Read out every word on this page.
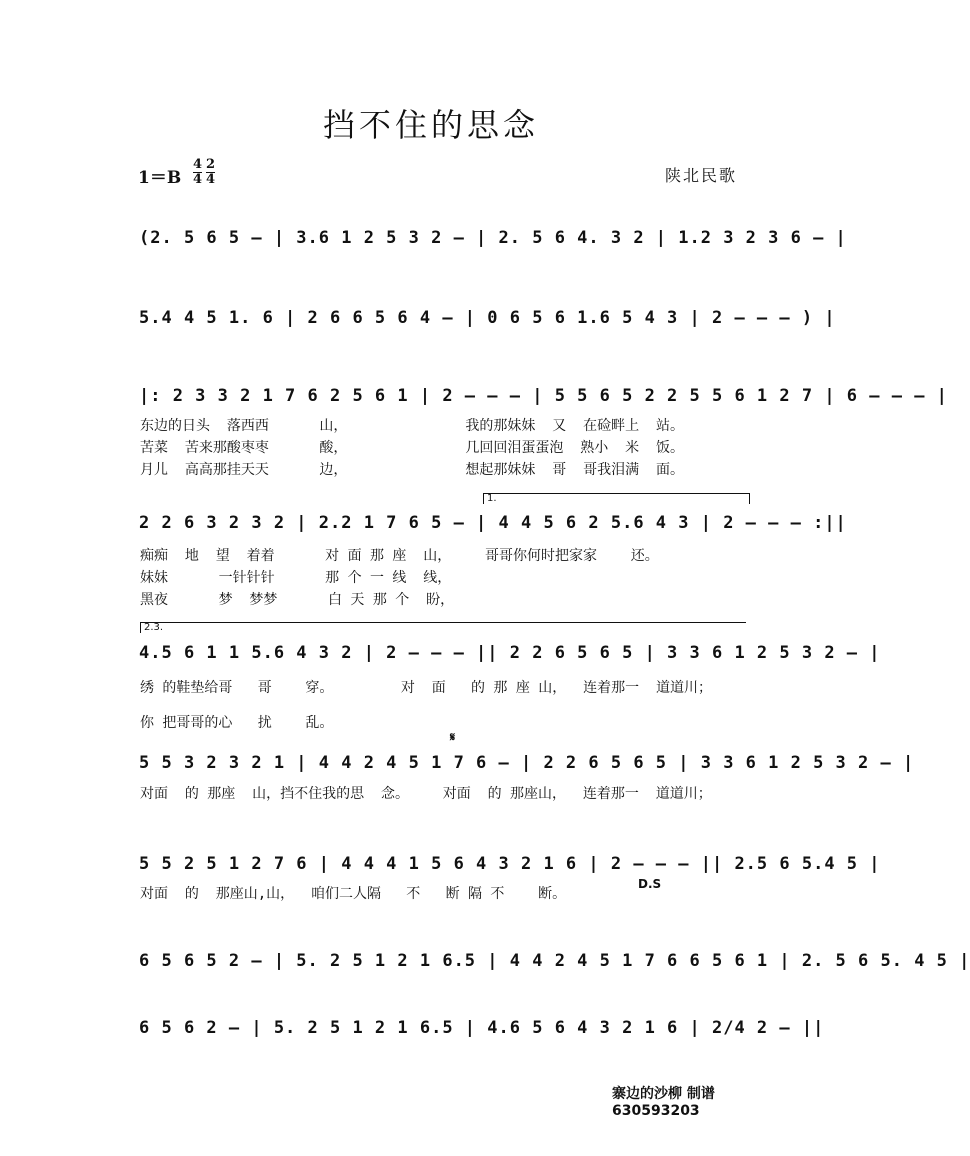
挡不住的思念
$1=B \frac{4}{4} \frac{2}{4}$	陕北民歌
(2. 5 6 5 – | 3.6 1 2 5 3 2 – | 2. 5 6 4. 3 2 | 1.2 3 2 3 6 – |
5.4 4 5 1. 6 | 2 6 6 5 6 4 – | 0 6 5 6 1.6 5 4 3 | 2 – – – ) |
|: 2 3 3 2 1 7 6 2 5 6 1 | 2 – – – | 5 5 6 5 2 2 5 5 6 1 2 7 | 6 – – – |
东边的日头  落西西      山，              我的那妹妹  又  在硷畔上  站。
苦菜  苦来那酸枣枣      酸，              几回回泪蛋蛋泡  熟小  米  饭。
月儿  高高那挂天天      边，              想起那妹妹  哥  哥我泪满  面。
1.
2 2 6 3 2 3 2 | 2.2 1 7 6 5 – | 4 4 5 6 2 5.6 4 3 | 2 – – – :||
痴痴  地  望  着着      对 面 那 座  山，    哥哥你何时把家家    还。
妹妹      一针针针      那 个 一 线  线，
黑夜      梦  梦梦      白 天 那 个  盼，
2.3.
4.5 6 1 1 5.6 4 3 2 | 2 – – – || 2 2 6 5 6 5 | 3 3 6 1 2 5 3 2 – |
绣 的鞋垫给哥   哥    穿。        对  面   的 那 座 山，  连着那一  道道川；
你 把哥哥的心   扰    乱。
𝄋
5 5 3 2 3 2 1 | 4 4 2 4 5 1 7 6 – | 2 2 6 5 6 5 | 3 3 6 1 2 5 3 2 – |
对面  的 那座  山，挡不住我的思  念。    对面  的 那座山，  连着那一  道道川；
5 5 2 5 1 2 7 6 | 4 4 4 1 5 6 4 3 2 1 6 | 2 – – – || 2.5 6 5.4 5 |
D.S
对面  的  那座山,山，  咱们二人隔   不   断 隔 不    断。
6 5 6 5 2 – | 5. 2 5 1 2 1 6.5 | 4 4 2 4 5 1 7 6 6 5 6 1 | 2. 5 6 5. 4 5 |
6 5 6 2 – | 5. 2 5 1 2 1 6.5 | 4.6 5 6 4 3 2 1 6 | 2/4 2 – ||
寨边的沙柳 制谱
630593203
